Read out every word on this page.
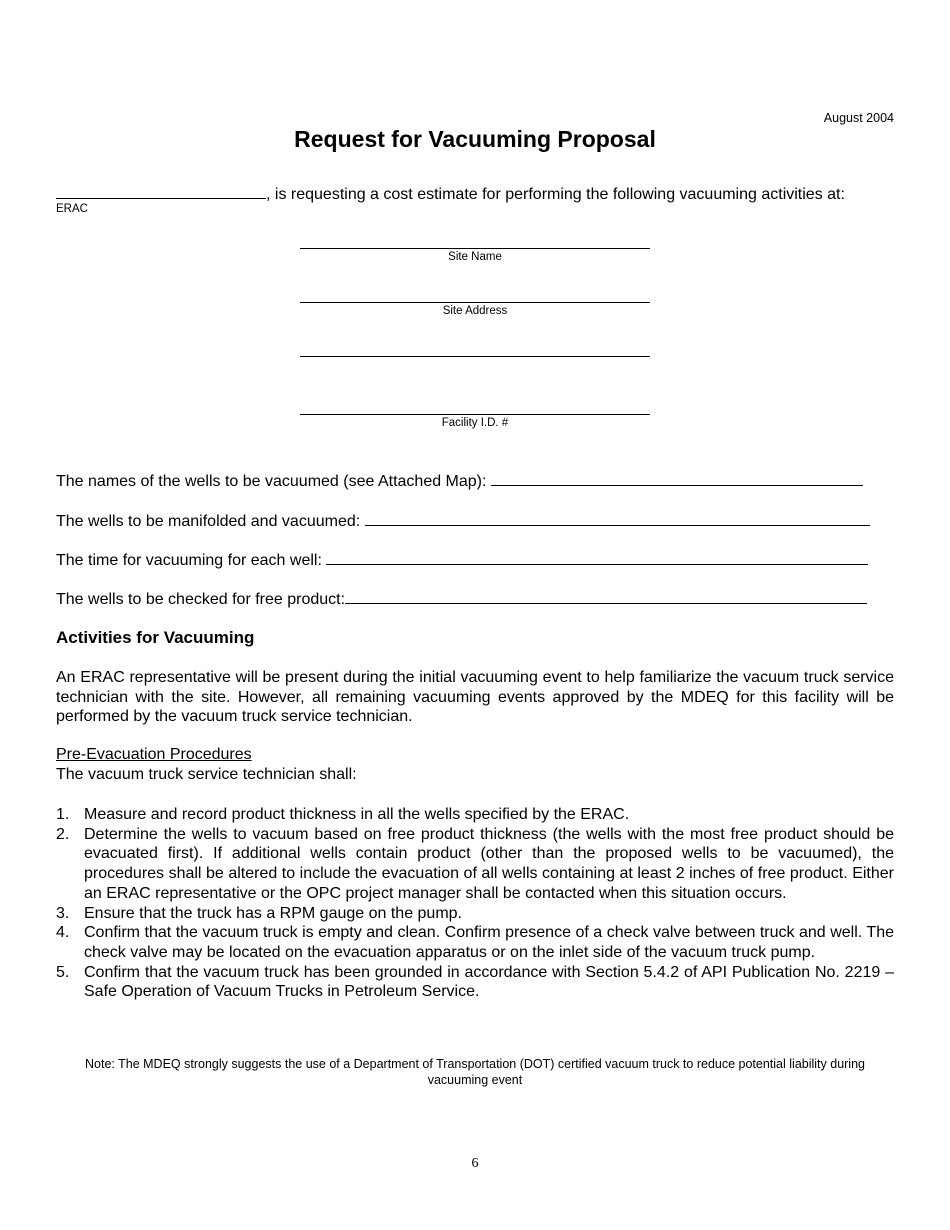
August 2004
Request for Vacuuming Proposal
, is requesting a cost estimate for performing the following vacuuming activities at:
ERAC
Site Name
Site Address
Facility I.D. #
The names of the wells to be vacuumed (see Attached Map):
The wells to be manifolded and vacuumed:
The time for vacuuming for each well:
The wells to be checked for free product:
Activities for Vacuuming
An ERAC representative will be present during the initial vacuuming event to help familiarize the vacuum truck service technician with the site. However, all remaining vacuuming events approved by the MDEQ for this facility will be performed by the vacuum truck service technician.
Pre-Evacuation Procedures
The vacuum truck service technician shall:
1. Measure and record product thickness in all the wells specified by the ERAC.
2. Determine the wells to vacuum based on free product thickness (the wells with the most free product should be evacuated first). If additional wells contain product (other than the proposed wells to be vacuumed), the procedures shall be altered to include the evacuation of all wells containing at least 2 inches of free product. Either an ERAC representative or the OPC project manager shall be contacted when this situation occurs.
3. Ensure that the truck has a RPM gauge on the pump.
4. Confirm that the vacuum truck is empty and clean. Confirm presence of a check valve between truck and well. The check valve may be located on the evacuation apparatus or on the inlet side of the vacuum truck pump.
5. Confirm that the vacuum truck has been grounded in accordance with Section 5.4.2 of API Publication No. 2219 – Safe Operation of Vacuum Trucks in Petroleum Service.
Note: The MDEQ strongly suggests the use of a Department of Transportation (DOT) certified vacuum truck to reduce potential liability during vacuuming event
6
